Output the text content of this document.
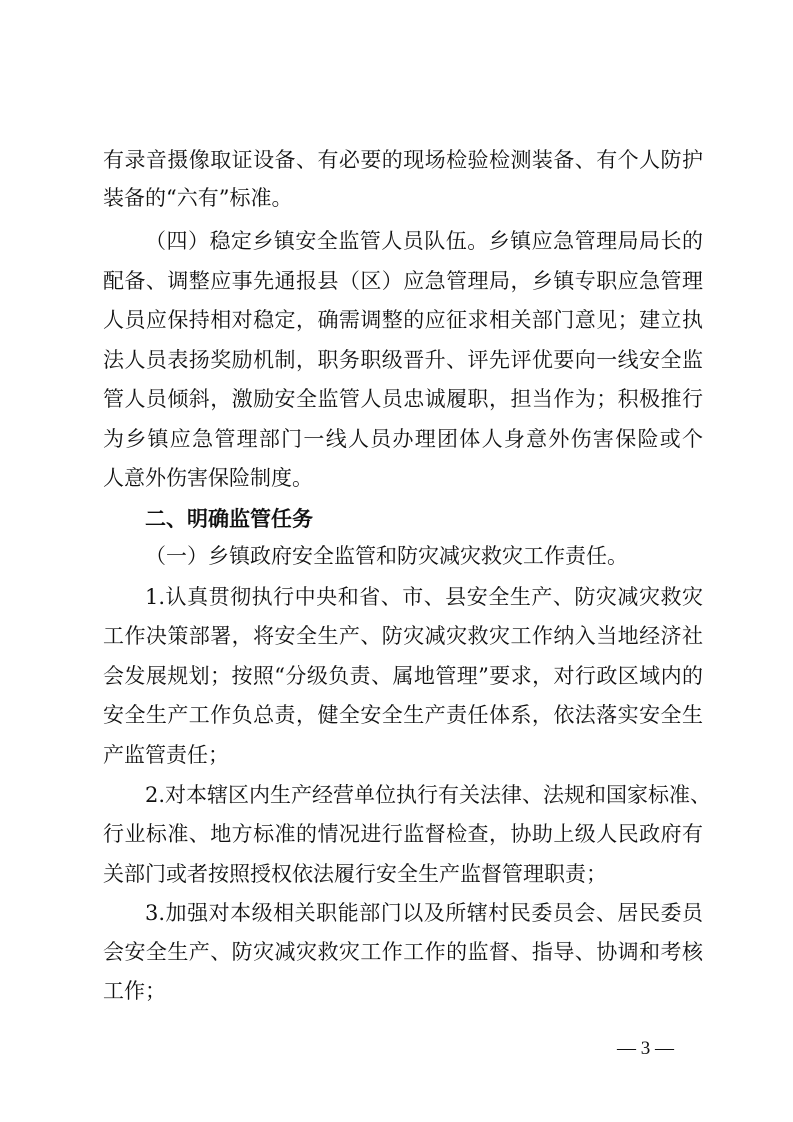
有录音摄像取证设备、有必要的现场检验检测装备、有个人防护
装备的“六有”标准。
（四）稳定乡镇安全监管人员队伍。乡镇应急管理局局长的
配备、调整应事先通报县（区）应急管理局，乡镇专职应急管理
人员应保持相对稳定，确需调整的应征求相关部门意见；建立执
法人员表扬奖励机制，职务职级晋升、评先评优要向一线安全监
管人员倾斜，激励安全监管人员忠诚履职，担当作为；积极推行
为乡镇应急管理部门一线人员办理团体人身意外伤害保险或个
人意外伤害保险制度。
二、明确监管任务
（一）乡镇政府安全监管和防灾减灾救灾工作责任。
1.认真贯彻执行中央和省、市、县安全生产、防灾减灾救灾
工作决策部署，将安全生产、防灾减灾救灾工作纳入当地经济社
会发展规划；按照“分级负责、属地管理”要求，对行政区域内的
安全生产工作负总责，健全安全生产责任体系，依法落实安全生
产监管责任；
2.对本辖区内生产经营单位执行有关法律、法规和国家标准、
行业标准、地方标准的情况进行监督检查，协助上级人民政府有
关部门或者按照授权依法履行安全生产监督管理职责；
3.加强对本级相关职能部门以及所辖村民委员会、居民委员
会安全生产、防灾减灾救灾工作工作的监督、指导、协调和考核
工作；
— 3 —
